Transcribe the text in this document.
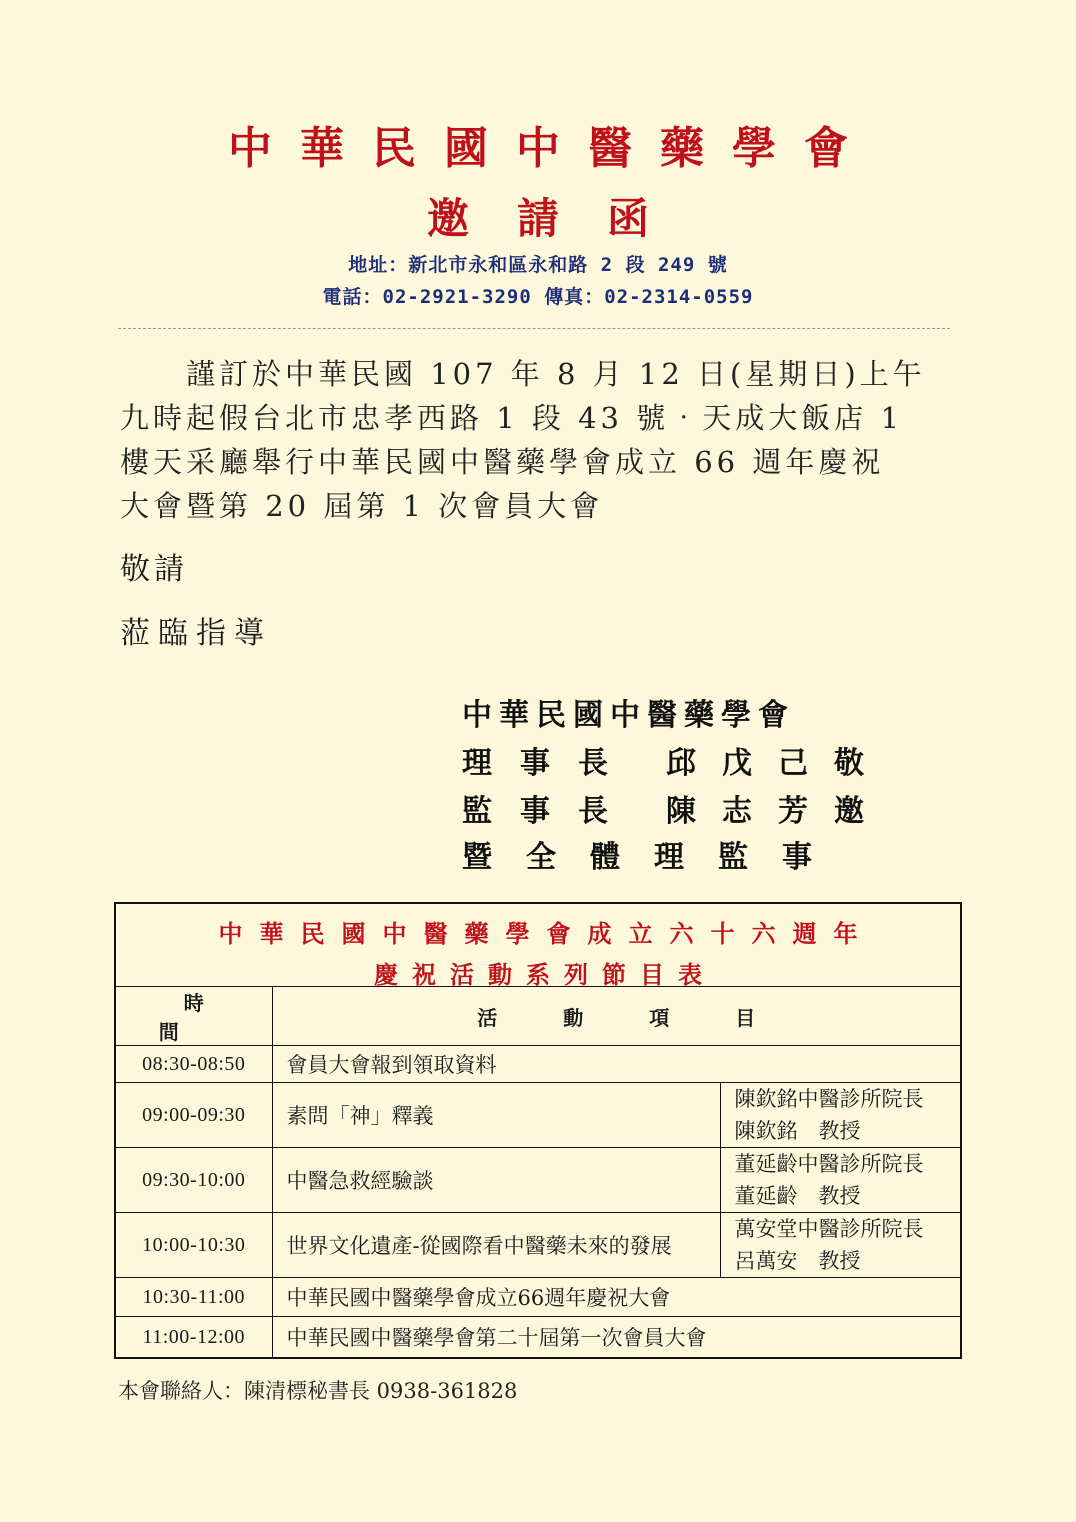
中華民國中醫藥學會
邀請函
地址：新北市永和區永和路 2 段 249 號
電話：02-2921-3290 傳真：02-2314-0559
謹訂於中華民國 107 年 8 月 12 日(星期日)上午
九時起假台北市忠孝西路 1 段 43 號‧天成大飯店 1
樓天采廳舉行中華民國中醫藥學會成立 66 週年慶祝
大會暨第 20 屆第 1 次會員大會
敬請
蒞臨指導
中華民國中醫藥學會
理事長	邱戊己敬
監事長	陳志芳邀
暨全體理監事
中華民國中醫藥學會成立六十六週年
慶祝活動系列節目表
時間	活動項目	
08:30-08:50	會員大會報到領取資料	
09:00-09:30	素問「神」釋義	陳欽銘中醫診所院長
陳欽銘　教授

09:30-10:00	中醫急救經驗談	董延齡中醫診所院長
董延齡　教授

10:00-10:30	世界文化遺產-從國際看中醫藥未來的發展	萬安堂中醫診所院長
呂萬安　教授

10:30-11:00	中華民國中醫藥學會成立66週年慶祝大會	
11:00-12:00	中華民國中醫藥學會第二十屆第一次會員大會	
本會聯絡人：陳清標秘書長 0938-361828
